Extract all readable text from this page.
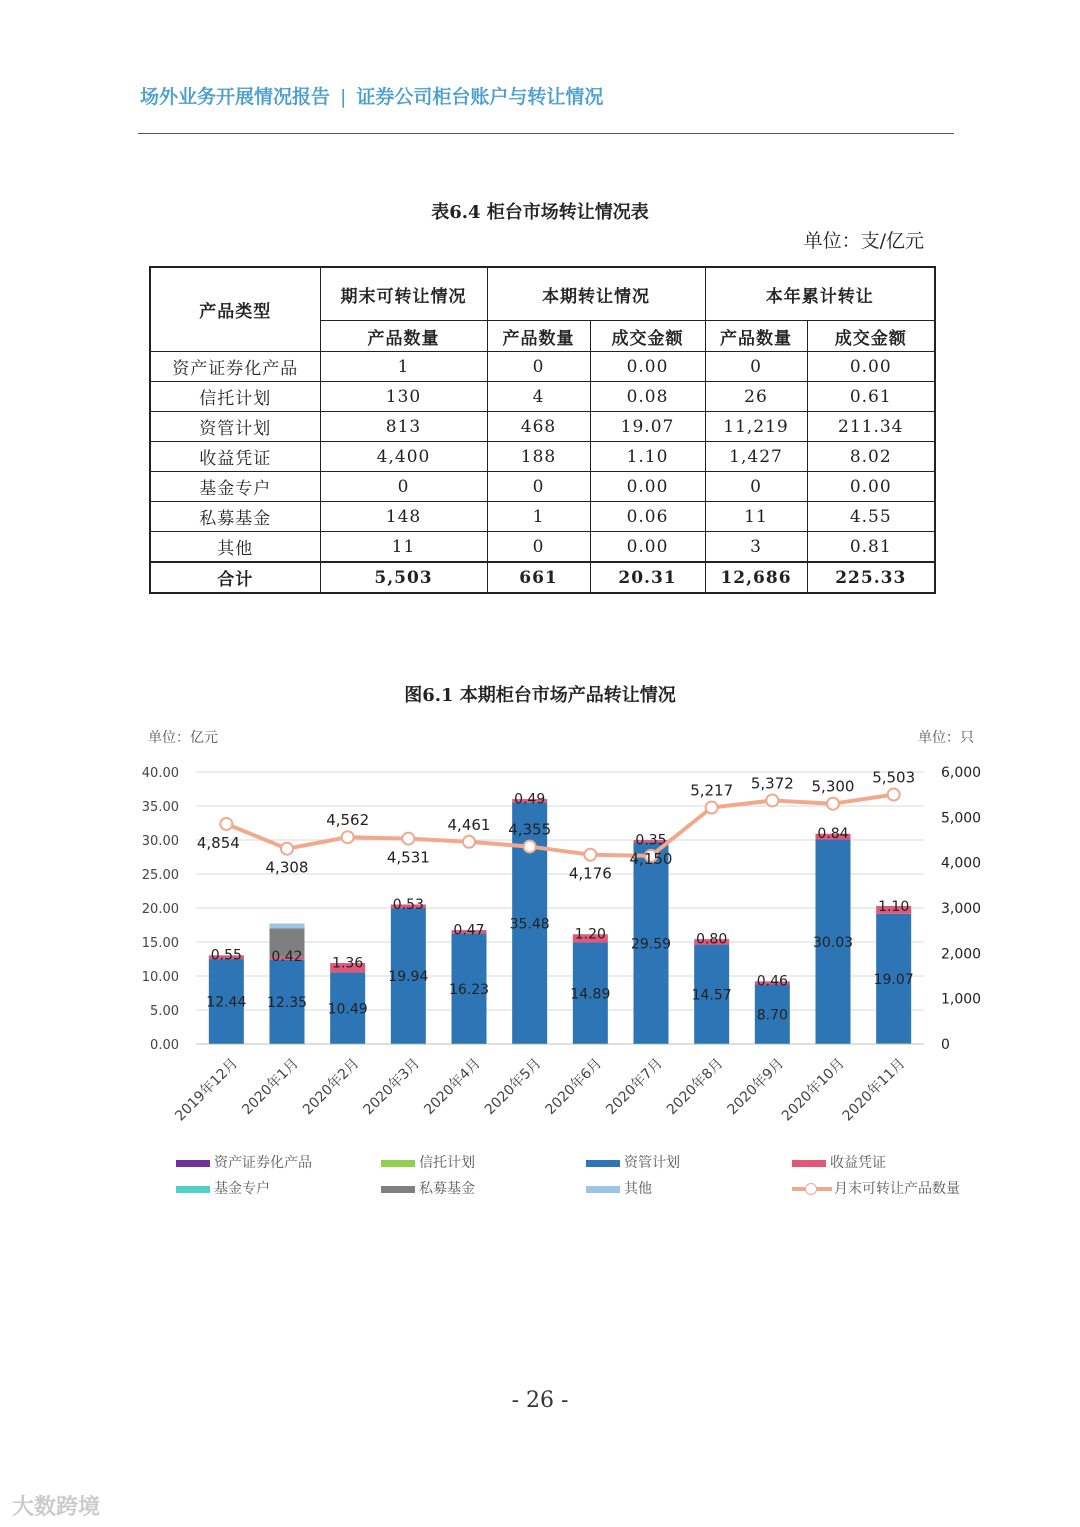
场外业务开展情况报告 | 证券公司柜台账户与转让情况
表6.4 柜台市场转让情况表
单位：支/亿元
产品类型	期末可转让情况	本期转让情况		本年累计转让	
	产品数量	产品数量	成交金额	产品数量	成交金额
资产证券化产品	1	0	0.00	0	0.00
信托计划	130	4	0.08	26	0.61
资管计划	813	468	19.07	11,219	211.34
收益凭证	4,400	188	1.10	1,427	8.02
基金专户	0	0	0.00	0	0.00
私募基金	148	1	0.06	11	4.55
其他	11	0	0.00	3	0.81
合计	5,503	661	20.31	12,686	225.33
图6.1 本期柜台市场产品转让情况
单位：亿元	单位：只
0.00
5.00
10.00
15.00
20.00
25.00
30.00
35.00
40.00
0
1,000
2,000
3,000
4,000
5,000
6,000
12.44
0.55
12.35
0.42
10.49
1.36
19.94
0.53
16.23
0.47 35.48
0.49
14.89
1.20
29.59
0.35
14.57
0.80
8.70
0.46
30.03
0.84
19.07
1.10
4,854
4,308
4,562
4,531
4,461 4,355
4,176
4,150
5,217 5,372 5,300
5,503
2019年12月
2020年1月
2020年2月
2020年3月
2020年4月
2020年5月
2020年6月
2020年7月
2020年8月
2020年9月
2020年10月
2020年11月
资产证券化产品	信托计划	资管计划	收益凭证
基金专户	私募基金	其他	月末可转让产品数量
- 26 -
大数跨境
